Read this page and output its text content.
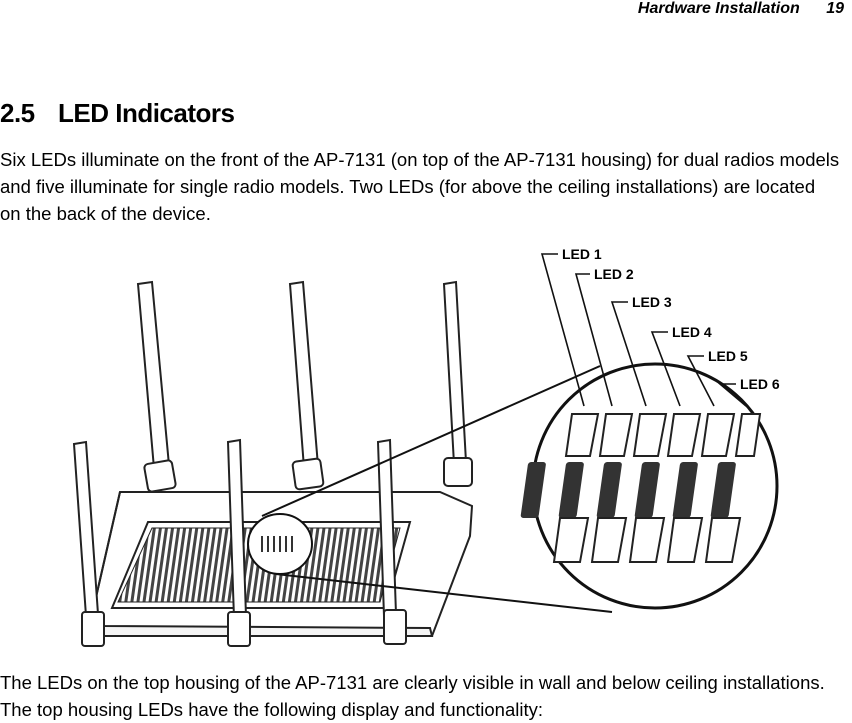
Hardware Installation 19
2.5 LED Indicators
Six LEDs illuminate on the front of the AP-7131 (on top of the AP-7131 housing) for dual radios models and five illuminate for single radio models. Two LEDs (for above the ceiling installations) are located on the back of the device.
LED 1
LED 2
LED 3
LED 4
LED 5
LED 6
The LEDs on the top housing of the AP-7131 are clearly visible in wall and below ceiling installations. The top housing LEDs have the following display and functionality:
